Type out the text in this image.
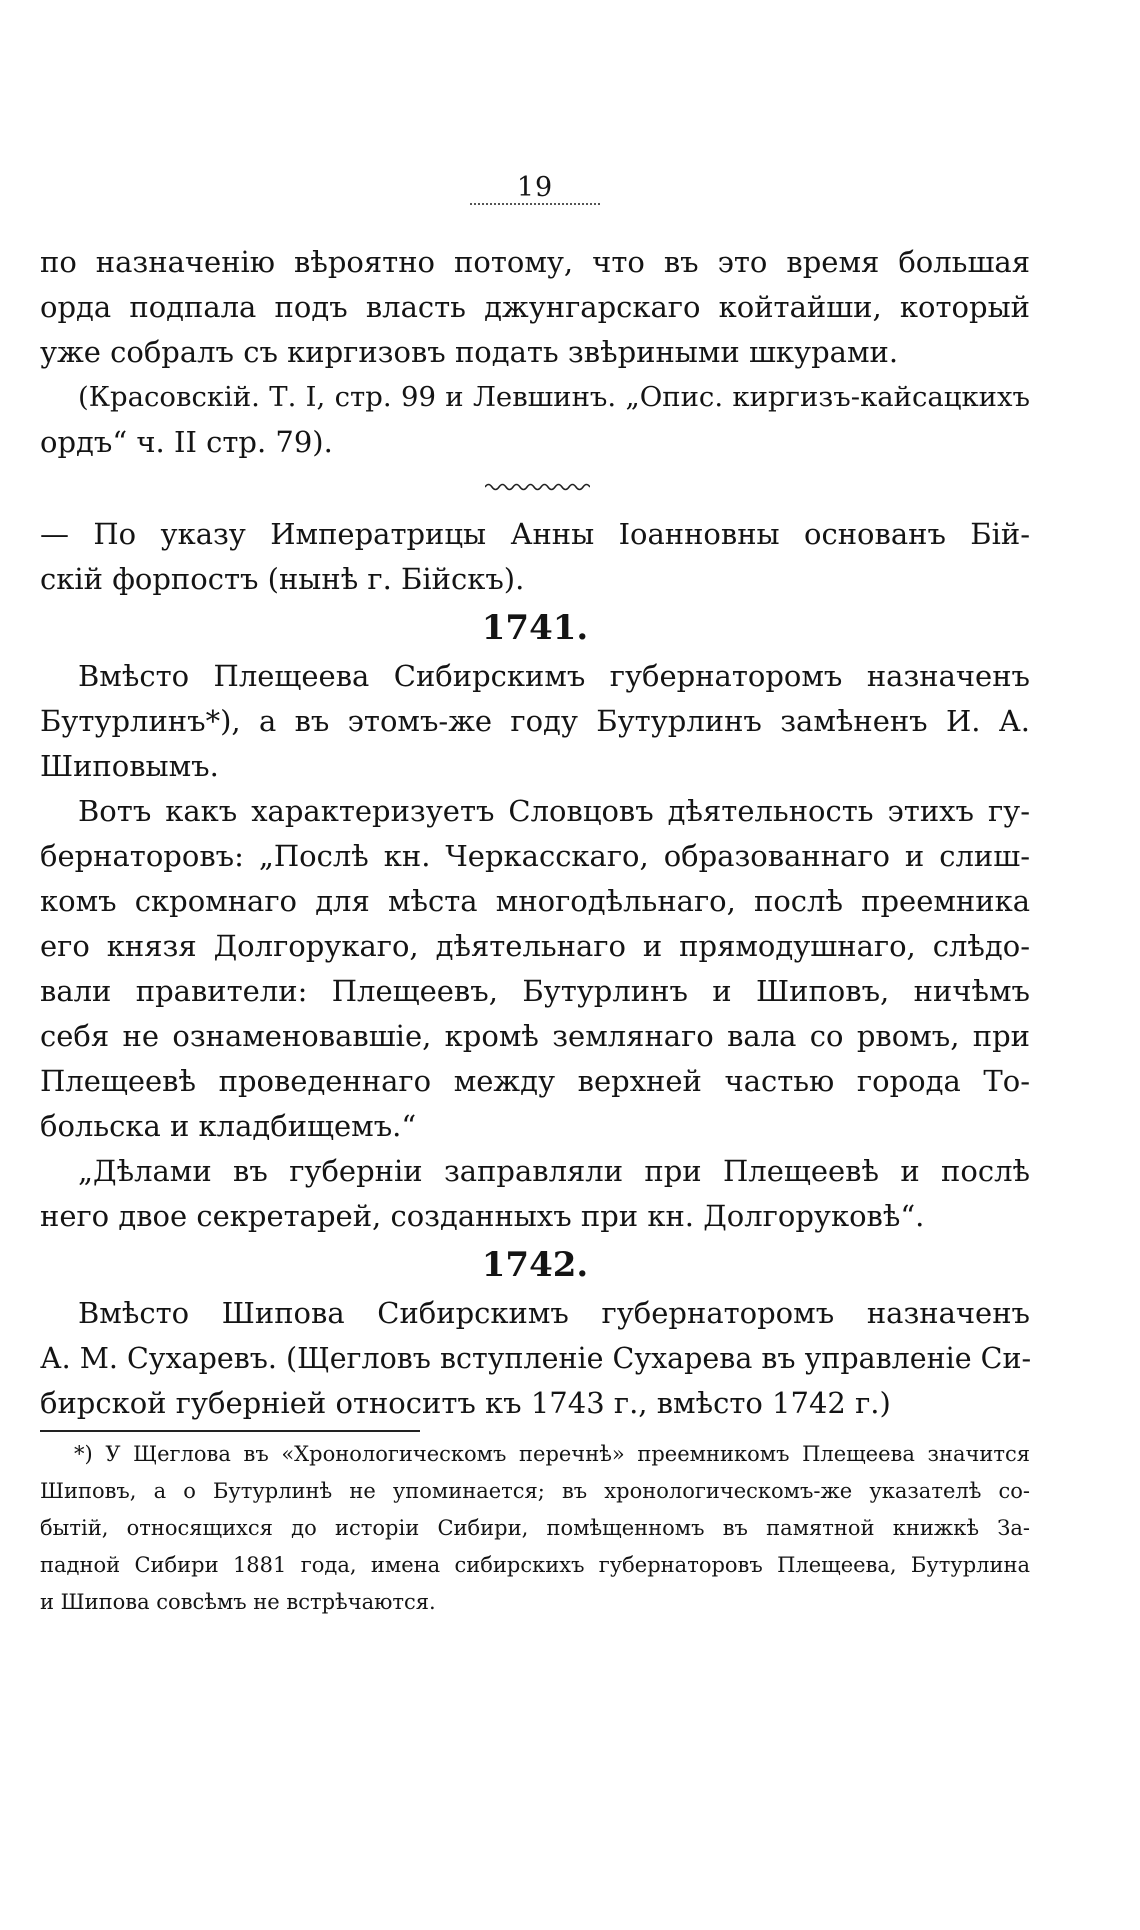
19
по назначенію вѣроятно потому, что въ это время большая
орда подпала подъ власть джунгарскаго койтайши, который
уже собралъ съ киргизовъ подать звѣриными шкурами.
(Красовскій. Т. I, стр. 99 и Левшинъ. „Опис. киргизъ-кайсацкихъ
ордъ“ ч. II стр. 79).
— По указу Императрицы Анны Іоанновны основанъ Бій-
скій форпостъ (нынѣ г. Бійскъ).
1741.
Вмѣсто Плещеева Сибирскимъ губернаторомъ назначенъ
Бутурлинъ*), а въ этомъ-же году Бутурлинъ замѣненъ И. А.
Шиповымъ.
Вотъ какъ характеризуетъ Словцовъ дѣятельность этихъ гу-
бернаторовъ: „Послѣ кн. Черкасскаго, образованнаго и слиш-
комъ скромнаго для мѣста многодѣльнаго, послѣ преемника
его князя Долгорукаго, дѣятельнаго и прямодушнаго, слѣдо-
вали правители: Плещеевъ, Бутурлинъ и Шиповъ, ничѣмъ
себя не ознаменовавшіе, кромѣ землянаго вала со рвомъ, при
Плещеевѣ проведеннаго между верхней частью города То-
больска и кладбищемъ.“
„Дѣлами въ губерніи заправляли при Плещеевѣ и послѣ
него двое секретарей, созданныхъ при кн. Долгоруковѣ“.
1742.
Вмѣсто Шипова Сибирскимъ губернаторомъ назначенъ
А. М. Сухаревъ. (Щегловъ вступленіе Сухарева въ управленіе Си-
бирской губерніей относитъ къ 1743 г., вмѣсто 1742 г.)
*) У Щеглова въ «Хронологическомъ перечнѣ» преемникомъ Плещеева значится
Шиповъ, а о Бутурлинѣ не упоминается; въ хронологическомъ-же указателѣ со-
бытій, относящихся до исторіи Сибири, помѣщенномъ въ памятной книжкѣ За-
падной Сибири 1881 года, имена сибирскихъ губернаторовъ Плещеева, Бутурлина
и Шипова совсѣмъ не встрѣчаются.
